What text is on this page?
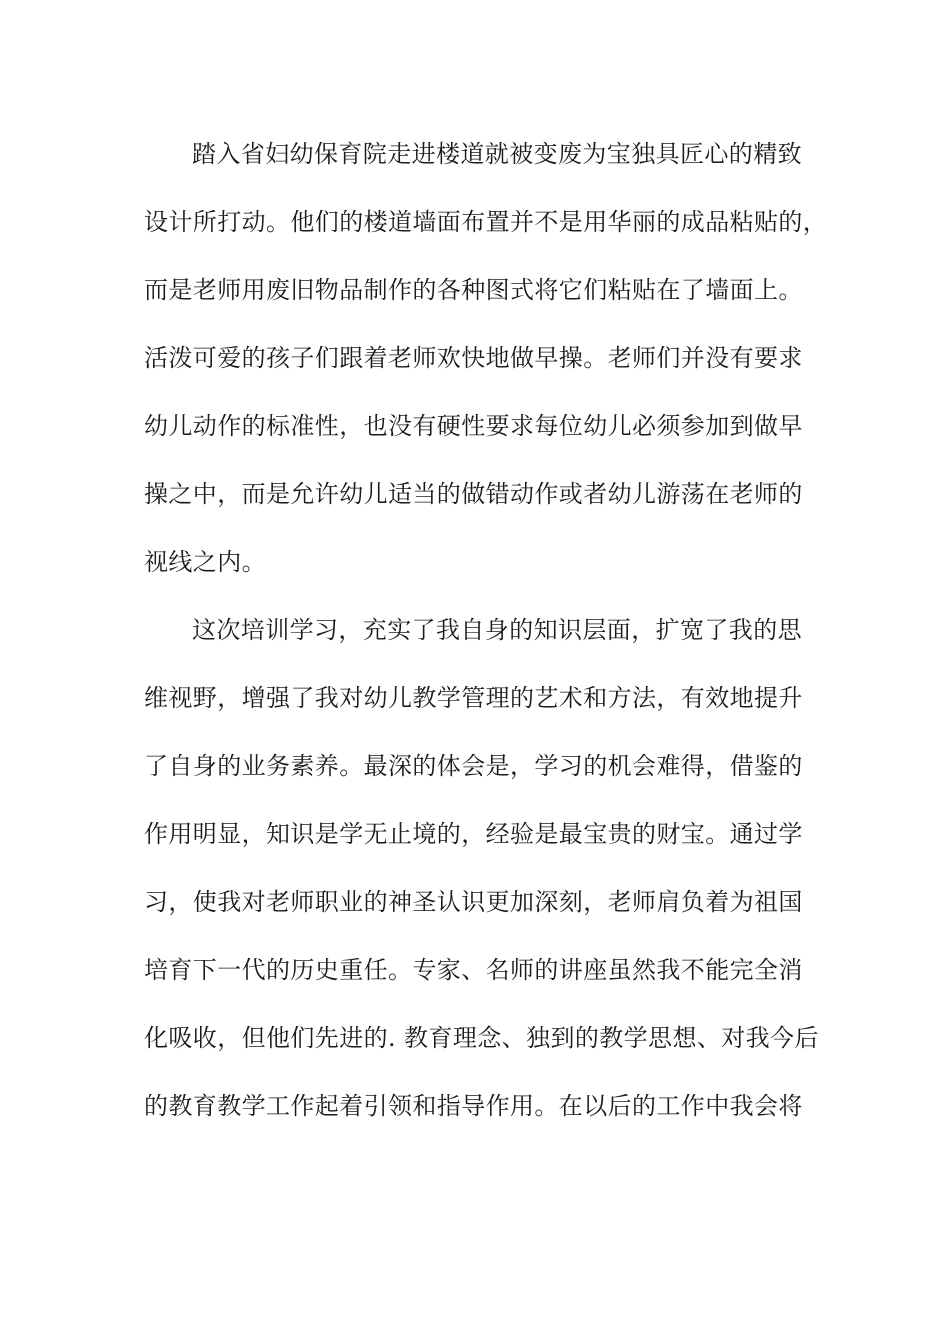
踏入省妇幼保育院走进楼道就被变废为宝独具匠心的精致
设计所打动。他们的楼道墙面布置并不是用华丽的成品粘贴的，
而是老师用废旧物品制作的各种图式将它们粘贴在了墙面上。
活泼可爱的孩子们跟着老师欢快地做早操。老师们并没有要求
幼儿动作的标准性，也没有硬性要求每位幼儿必须参加到做早
操之中，而是允许幼儿适当的做错动作或者幼儿游荡在老师的
视线之内。
这次培训学习，充实了我自身的知识层面，扩宽了我的思
维视野，增强了我对幼儿教学管理的艺术和方法，有效地提升
了自身的业务素养。最深的体会是，学习的机会难得，借鉴的
作用明显，知识是学无止境的，经验是最宝贵的财宝。通过学
习，使我对老师职业的神圣认识更加深刻，老师肩负着为祖国
培育下一代的历史重任。专家、名师的讲座虽然我不能完全消
化吸收，但他们先进的. 教育理念、独到的教学思想、对我今后
的教育教学工作起着引领和指导作用。在以后的工作中我会将
